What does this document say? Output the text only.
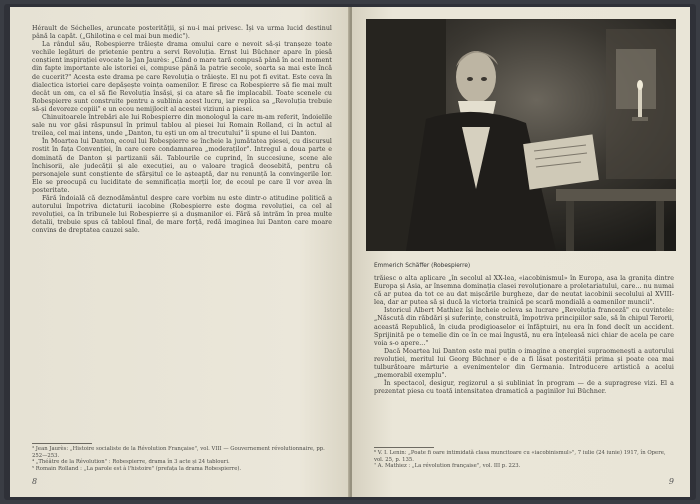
Hérault de Séchelles, aruncate posterității, și nu-i mai privesc. Își va urma lucid destinul până la capăt. („Ghilotina e cel mai bun medic").

La rândul său, Robespierre trăiește drama omului care e nevoit să-și tranșeze toate vechile legături de prietenie pentru a servi Revoluția. Ernst lui Büchner apare în piesă conștient inspirației evocatе la Jan Jaurès: „Când o mare tară compusă până în acel moment din fapte importante ale istoriei ei, compuse până la patrie secole, soarta sa mai este încă de cucerit?" Acesta este drama pe care Revoluția o trăiește. El nu pot fi evitat. Este ceva în dialectica istoriei care depășește voința oamenilor. E firesc ca Robespierre să fie mai mult decât un om, ca el să fie Revoluția însăși, și ca atare să fie implacabil. Toate scenele cu Robespierre sunt construite pentru a sublinia acest lucru, iar replica sa „Revoluția trebuie să-și devoreze copiii" e un ecou nemijlocit al acestei viziuni a piesei.

Chinuitoarele întrebări ale lui Robespierre din monologul la care m-am referit, îndoielile sale nu vor găsi răspunsul în primul tablou al piesei lui Romain Rolland, ci în actul al treilea, cel mai intens, unde „Danton, tu ești un om al trecutului" îi spune el lui Danton.

În Moartea lui Danton, ecoul lui Robespierre se încheie la jumătatea piesei, cu discursul rostit în fața Convenției, în care cere condamnarea „moderaților". Intregul a doua parte e dominată de Danton și partizanii săi. Tablourile ce cuprind, în succesiune, scene ale închisorii, ale judecății și ale execuției, au o valoare tragică deosebită, pentru că personajele sunt conștiente de sfârșitul ce le așteaptă, dar nu renunță la convingerile lor. Ele se preocupă cu luciditate de semnificația morții lor, de ecoul pe care îl vor avea în posteritate.

Fără îndoială că deznodământul despre care vorbim nu este dintr-o atitudine politică a autorului împotriva dictaturii iacobine (Robespierre este dogma revoluției, ca cel al revoluției, ca în tribunele lui Robespierre și a dușmanilor ei. Fără să intrăm în prea multe detalii, trebuie spus că tabloul final, de mare forță, redă imaginea lui Danton care moare convins de dreptatea cauzei sale.

³ Jean Jaurès: „Histoire socialiste de la Révolution Française", vol. VIII — Gouvernement révolutionnaire, pp. 252—253.
⁴ „Théâtre de la Révolution" : Robespierre, drama în 3 acte și 24 tablouri.
⁵ Romain Rolland : „La parole est à l'histoire" (prefața la drama Robespierre).
8
Emmerich Schäffer (Robespierre)

trăiesc o alta aplicare „în secolul al XX-lea, «iacobinismul» în Europa, asa la granița dintre Europa și Asia, ar însemna dominația clasei revoluționare a proletariatului, care... nu numai că ar putea da tot ce au dat mișcările burgheze, dar de neutat iacobinii secolului al XVIII-lea, dar ar putea să și ducă la victoria trainică pe scară mondială a oamenilor muncii".

Istoricul Albert Mathiez își încheie ocleva sa lucrare „Revoluția franceză" cu cuvintele: „Născută din răbdări și suferințe, construită, împotriva principiilor sale, să în chipul Terorii, această Republică, în ciuda prodigioaselor ei înfăptuiri, nu era în fond decît un accident. Sprijinită pe o temelie din ce în ce mai îngustă, nu era înțeleasă nici chiar de acela pe care voia s-o apere..."

Dacă Moartea lui Danton este mai puțin o imagine a energiei supraomenești a autorului revoluției, meritul lui Georg Büchner e de a fi lăsat posterității prima și poate cea mai tulburătoare mărturie a evenimentelor din Germania. Introducere artistică a acelui „memorabil exemplu".

În spectacol, desigur, regizorul a și subliniat în program — de a supragrese vizi. El a prezentat piesa cu toată intensitatea dramatică a paginilor lui Büchner.

⁶ V. I. Lenin: „Poate fi oare intimidată clasa muncitoare cu «iacobinismul»", 7 iulie (24 iunie) 1917, în Opere, vol. 25, p. 135.
⁷ A. Mathiez : „La révolution française", vol. III p. 223.
9
